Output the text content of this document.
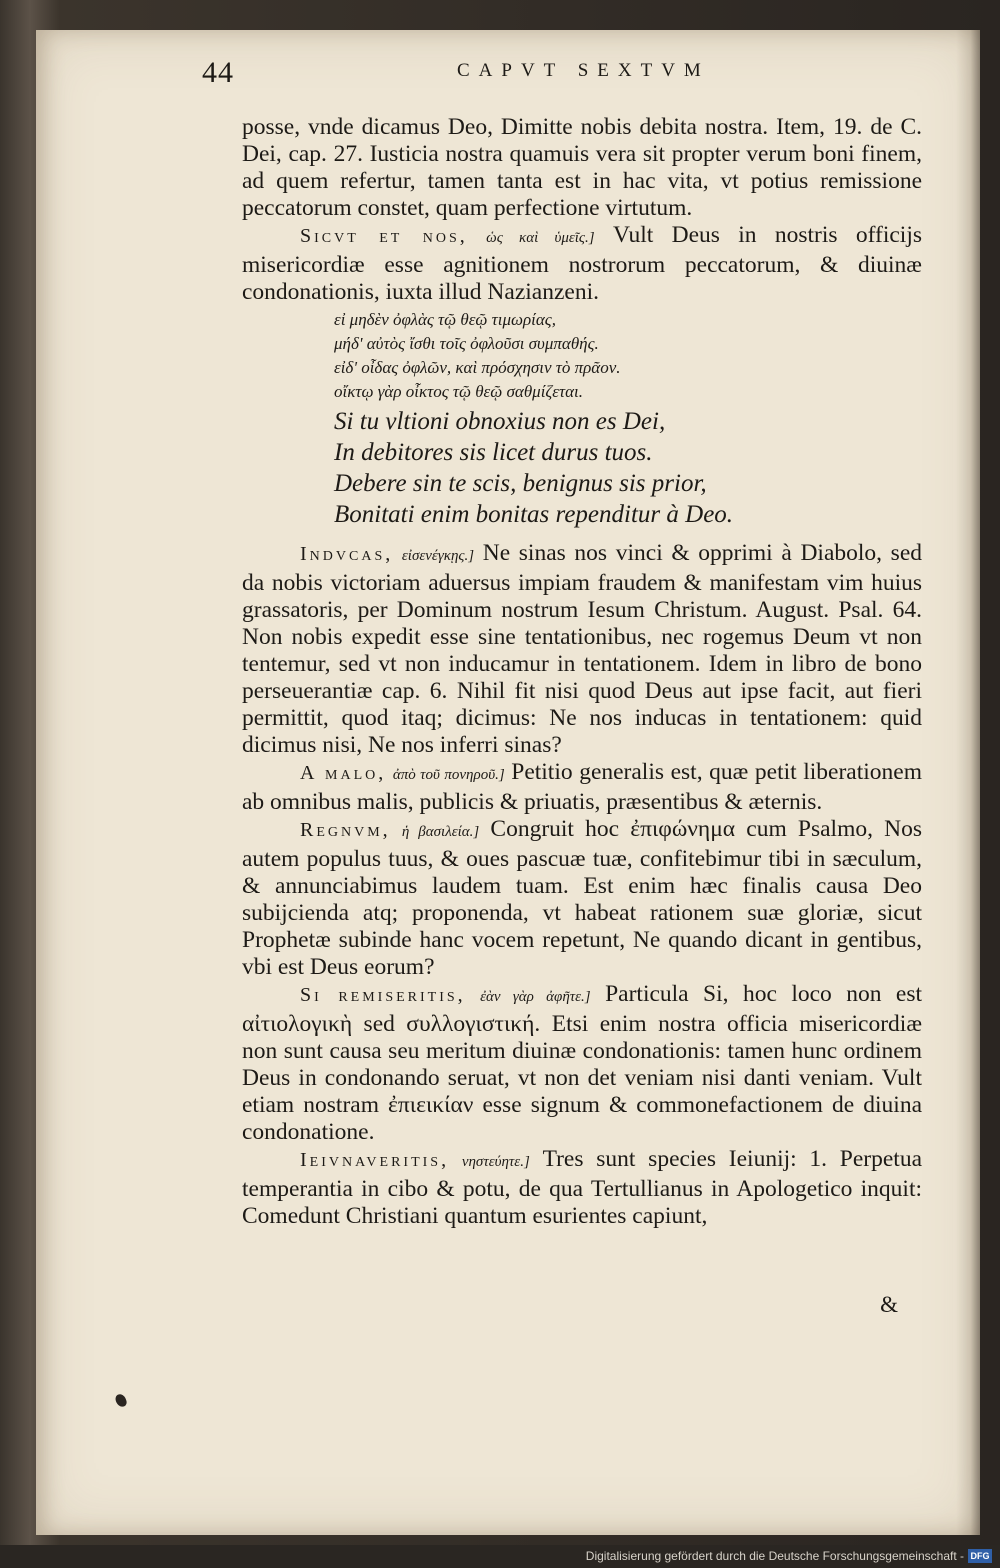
44	CAPVT SEXTVM

posse, vnde dicamus Deo, Dimitte nobis debita nostra. Item, 19. de C. Dei, cap. 27. Iusticia nostra quamuis vera sit propter verum boni finem, ad quem refertur, tamen tanta est in hac vita, vt potius remissione peccatorum constet, quam perfectione virtutum.

Sicvt et nos, ὡς καὶ ὑμεῖς.] Vult Deus in nostris officijs misericordiæ esse agnitionem nostrorum peccatorum, & diuinæ condonationis, iuxta illud Nazianzeni.

εἰ μηδὲν ὀφλὰς τῷ θεῷ τιμωρίας,
μήδ' αὐτὸς ἴσθι τοῖς ὀφλοῦσι συμπαθής.
εἰδ' οἶδας ὀφλῶν, καὶ πρόσχησιν τὸ πρᾶον.
οἴκτῳ γὰρ οἶκτος τῷ θεῷ σαθμίζεται.
Si tu vltioni obnoxius non es Dei,
In debitores sis licet durus tuos.
Debere sin te scis, benignus sis prior,
Bonitati enim bonitas rependitur à Deo.

Indvcas, εἰσενέγκῃς.] Ne sinas nos vinci & opprimi à Diabolo, sed da nobis victoriam aduersus impiam fraudem & manifestam vim huius grassatoris, per Dominum nostrum Iesum Christum. August. Psal. 64. Non nobis expedit esse sine tentationibus, nec rogemus Deum vt non tentemur, sed vt non inducamur in tentationem. Idem in libro de bono perseuerantiæ cap. 6. Nihil fit nisi quod Deus aut ipse facit, aut fieri permittit, quod itaq; dicimus: Ne nos inducas in tentationem: quid dicimus nisi, Ne nos inferri sinas?

A malo, ἀπὸ τοῦ πονηροῦ.] Petitio generalis est, quæ petit liberationem ab omnibus malis, publicis & priuatis, præsentibus & æternis.

Regnvm, ἡ βασιλεία.] Congruit hoc ἐπιφώνημα cum Psalmo, Nos autem populus tuus, & oues pascuæ tuæ, confitebimur tibi in sæculum, & annunciabimus laudem tuam. Est enim hæc finalis causa Deo subijcienda atq; proponenda, vt habeat rationem suæ gloriæ, sicut Prophetæ subinde hanc vocem repetunt, Ne quando dicant in gentibus, vbi est Deus eorum?

Si remiseritis, ἐὰν γὰρ ἀφῆτε.] Particula Si, hoc loco non est αἰτιολογικὴ sed συλλογιστική. Etsi enim nostra officia misericordiæ non sunt causa seu meritum diuinæ condonationis: tamen hunc ordinem Deus in condonando seruat, vt non det veniam nisi danti veniam. Vult etiam nostram ἐπιεικίαν esse signum & commonefactionem de diuina condonatione.

Ieivnaveritis, νηστεύητε.] Tres sunt species Ieiunij: 1. Perpetua temperantia in cibo & potu, de qua Tertullianus in Apologetico inquit: Comedunt Christiani quantum esurientes capiunt,

&
Digitalisierung gefördert durch die Deutsche Forschungsgemeinschaft - DFG
